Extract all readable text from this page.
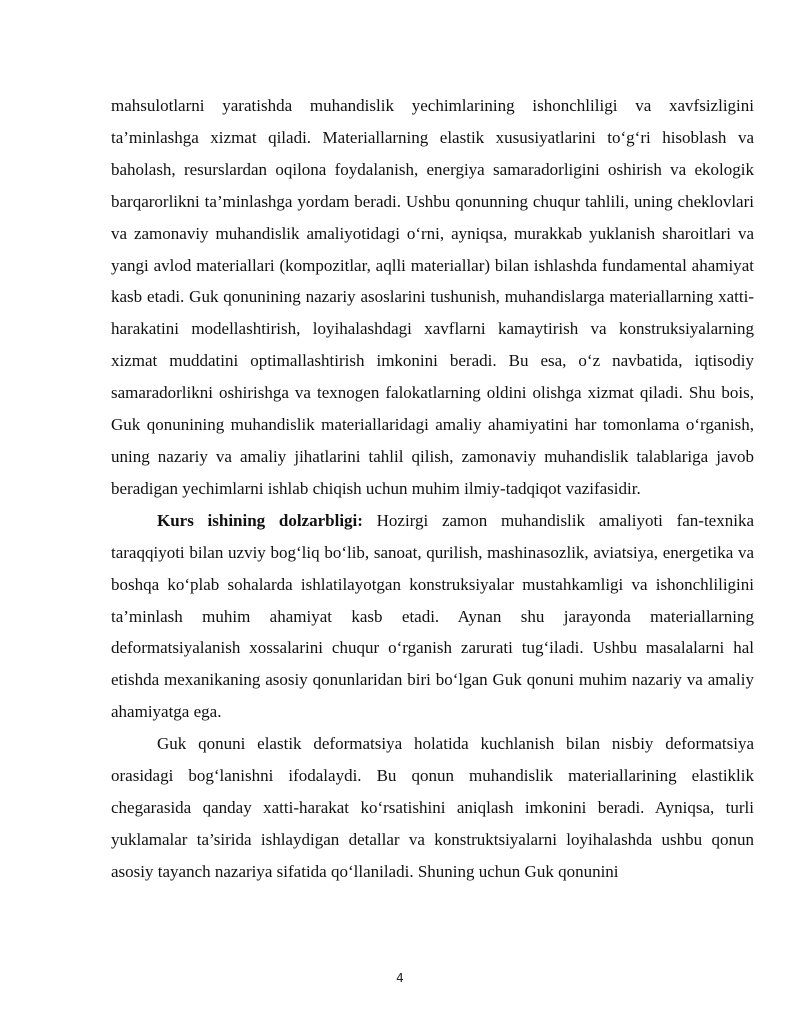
mahsulotlarni yaratishda muhandislik yechimlarining ishonchliligi va xavfsizligini ta’minlashga xizmat qiladi. Materiallarning elastik xususiyatlarini to‘g‘ri hisoblash va baholash, resurslardan oqilona foydalanish, energiya samaradorligini oshirish va ekologik barqarorlikni ta’minlashga yordam beradi. Ushbu qonunning chuqur tahlili, uning cheklovlari va zamonaviy muhandislik amaliyotidagi o‘rni, ayniqsa, murakkab yuklanish sharoitlari va yangi avlod materiallari (kompozitlar, aqlli materiallar) bilan ishlashda fundamental ahamiyat kasb etadi. Guk qonunining nazariy asoslarini tushunish, muhandislarga materiallarning xatti-harakatini modellashtirish, loyihalashdagi xavflarni kamaytirish va konstruksiyalarning xizmat muddatini optimallashtirish imkonini beradi. Bu esa, o‘z navbatida, iqtisodiy samaradorlikni oshirishga va texnogen falokatlarning oldini olishga xizmat qiladi. Shu bois, Guk qonunining muhandislik materiallaridagi amaliy ahamiyatini har tomonlama o‘rganish, uning nazariy va amaliy jihatlarini tahlil qilish, zamonaviy muhandislik talablariga javob beradigan yechimlarni ishlab chiqish uchun muhim ilmiy-tadqiqot vazifasidir.

Kurs ishining dolzarbligi: Hozirgi zamon muhandislik amaliyoti fan-texnika taraqqiyoti bilan uzviy bog‘liq bo‘lib, sanoat, qurilish, mashinasozlik, aviatsiya, energetika va boshqa ko‘plab sohalarda ishlatilayotgan konstruksiyalar mustahkamligi va ishonchliligini ta’minlash muhim ahamiyat kasb etadi. Aynan shu jarayonda materiallarning deformatsiyalanish xossalarini chuqur o‘rganish zarurati tug‘iladi. Ushbu masalalarni hal etishda mexanikaning asosiy qonunlaridan biri bo‘lgan Guk qonuni muhim nazariy va amaliy ahamiyatga ega.

Guk qonuni elastik deformatsiya holatida kuchlanish bilan nisbiy deformatsiya orasidagi bog‘lanishni ifodalaydi. Bu qonun muhandislik materiallarining elastiklik chegarasida qanday xatti-harakat ko‘rsatishini aniqlash imkonini beradi. Ayniqsa, turli yuklamalar ta’sirida ishlaydigan detallar va konstruktsiyalarni loyihalashda ushbu qonun asosiy tayanch nazariya sifatida qo‘llaniladi. Shuning uchun Guk qonunini

4
